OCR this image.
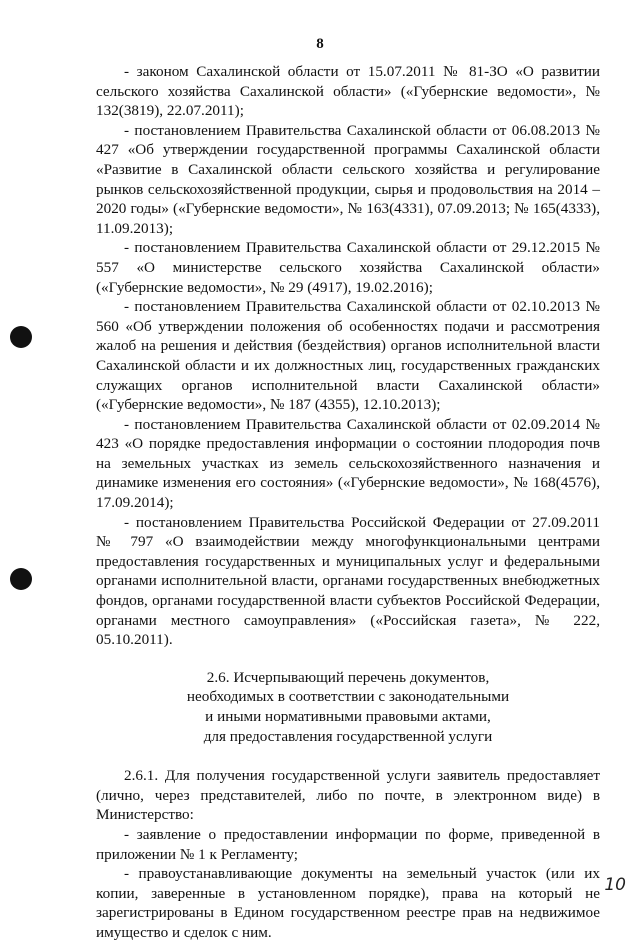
8

- законом Сахалинской области от 15.07.2011 № 81-ЗО «О развитии сельского хозяйства Сахалинской области» («Губернские ведомости», № 132(3819), 22.07.2011);

- постановлением Правительства Сахалинской области от 06.08.2013 № 427 «Об утверждении государственной программы Сахалинской области «Развитие в Сахалинской области сельского хозяйства и регулирование рынков сельскохозяйственной продукции, сырья и продовольствия на 2014 – 2020 годы» («Губернские ведомости», № 163(4331), 07.09.2013; № 165(4333), 11.09.2013);

- постановлением Правительства Сахалинской области от 29.12.2015 № 557 «О министерстве сельского хозяйства Сахалинской области» («Губернские ведомости», № 29 (4917), 19.02.2016);

- постановлением Правительства Сахалинской области от 02.10.2013 № 560 «Об утверждении положения об особенностях подачи и рассмотрения жалоб на решения и действия (бездействия) органов исполнительной власти Сахалинской области и их должностных лиц, государственных гражданских служащих органов исполнительной власти Сахалинской области» («Губернские ведомости», № 187 (4355), 12.10.2013);

- постановлением Правительства Сахалинской области от 02.09.2014 № 423 «О порядке предоставления информации о состоянии плодородия почв на земельных участках из земель сельскохозяйственного назначения и динамике изменения его состояния» («Губернские ведомости», № 168(4576), 17.09.2014);

- постановлением Правительства Российской Федерации от 27.09.2011 № 797 «О взаимодействии между многофункциональными центрами предоставления государственных и муниципальных услуг и федеральными органами исполнительной власти, органами государственных внебюджетных фондов, органами государственной власти субъектов Российской Федерации, органами местного самоуправления» («Российская газета», № 222, 05.10.2011).

2.6. Исчерпывающий перечень документов,
необходимых в соответствии с законодательными
и иными нормативными правовыми актами,
для предоставления государственной услуги

2.6.1. Для получения государственной услуги заявитель предоставляет (лично, через представителей, либо по почте, в электронном виде) в Министерство:

- заявление о предоставлении информации по форме, приведенной в приложении № 1 к Регламенту;

- правоустанавливающие документы на земельный участок (или их копии, заверенные в установленном порядке), права на который не зарегистрированы в Едином государственном реестре прав на недвижимое имущество и сделок с ним.

10
